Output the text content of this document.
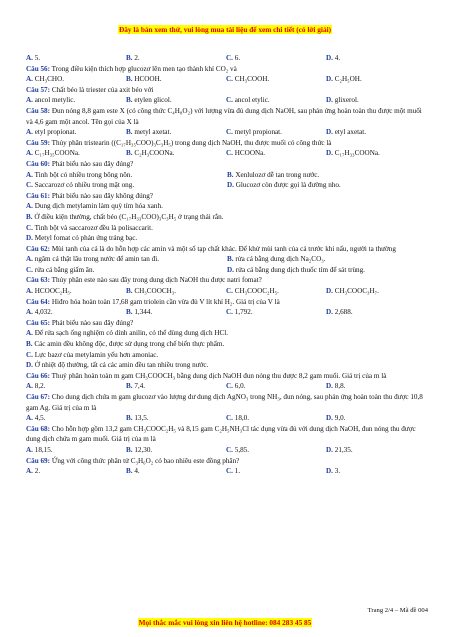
Đây là bản xem thử, vui lòng mua tài liệu để xem chi tiết (có lời giải)
A. 5.	B. 2.	C. 6.	D. 4.
Câu 56: Trong điều kiện thích hợp glucozơ lên men tạo thành khí CO₂ và
A. CH₃CHO.	B. HCOOH.	C. CH₃COOH.	D. C₂H₅OH.
Câu 57: Chất béo là triester của axit béo với
A. ancol metylic.	B. etylen glicol.	C. ancol etylic.	D. glixerol.
Câu 58: Đun nóng 8,8 gam este X (có công thức C₄H₈O₂) với lượng vừa đủ dung dịch NaOH, sau phản ứng hoàn toàn thu được một muối và 4,6 gam một ancol. Tên gọi của X là
A. etyl propionat.	B. metyl axetat.	C. metyl propionat.	D. etyl axetat.
Câu 59: Thủy phân tristearin ((C₁₇H₃₅COO)₃C₃H₅) trong dung dịch NaOH, thu được muối có công thức là
A. C₁₇H₃₅COONa.	B. C₂H₃COONa.	C. HCOONa.	D. C₁₇H₃₃COONa.
Câu 60: Phát biểu nào sau đây đúng?
A. Tinh bột có nhiều trong bông nõn.	B. Xenlulozơ dễ tan trong nước.
C. Saccarozơ có nhiều trong mật ong.	D. Glucozơ còn được gọi là đường nho.
Câu 61: Phát biểu nào sau đây không đúng?
A. Dung dịch metylamin làm quỳ tím hóa xanh.
B. Ở điều kiện thường, chất béo (C₁₇H₃₃COO)₃C₃H₅ ở trạng thái rắn.
C. Tinh bột và saccarozơ đều là polisaccarit.
D. Metyl fomat có phản ứng tráng bạc.
Câu 62: Mùi tanh của cá là do hỗn hợp các amin và một số tạp chất khác. Để khử mùi tanh của cá trước khi nấu, người ta thường
A. ngâm cá thật lâu trong nước để amin tan đi.	B. rửa cá bằng dung dịch Na₂CO₃.
C. rửa cá bằng giấm ăn.	D. rửa cá bằng dung dịch thuốc tím để sát trùng.
Câu 63: Thủy phân este nào sau đây trong dung dịch NaOH thu được natri fomat?
A. HCOOC₂H₅.	B. CH₃COOCH₃.	C. CH₃COOC₂H₅.	D. CH₃COOC₃H₇.
Câu 64: Hiđro hóa hoàn toàn 17,68 gam triolein cần vừa đủ V lít khí H₂. Giá trị của V là
A. 4,032.	B. 1,344.	C. 1,792.	D. 2,688.
Câu 65: Phát biểu nào sau đây đúng?
A. Để rửa sạch ống nghiệm có dính anilin, có thể dùng dung dịch HCl.
B. Các amin đều không độc, được sử dụng trong chế biến thực phẩm.
C. Lực bazơ của metylamin yếu hơn amoniac.
D. Ở nhiệt độ thường, tất cả các amin đều tan nhiều trong nước.
Câu 66: Thuỷ phân hoàn toàn m gam CH₃COOCH₃ bằng dung dịch NaOH đun nóng thu được 8,2 gam muối. Giá trị của m là
A. 8,2.	B. 7,4.	C. 6,0.	D. 8,8.
Câu 67: Cho dung dịch chứa m gam glucozơ vào lượng dư dung dịch AgNO₃ trong NH₃, đun nóng, sau phản ứng hoàn toàn thu được 10,8 gam Ag. Giá trị của m là
A. 4,5.	B. 13,5.	C. 18,0.	D. 9,0.
Câu 68: Cho hỗn hợp gồm 13,2 gam CH₃COOC₂H₅ và 8,15 gam C₂H₅NH₃Cl tác dụng vừa đủ với dung dịch NaOH, đun nóng thu được dung dịch chứa m gam muối. Giá trị của m là
A. 18,15.	B. 12,30.	C. 5,85.	D. 21,35.
Câu 69: Ứng với công thức phân tử C₃H₆O₂ có bao nhiêu este đồng phân?
A. 2.	B. 4.	C. 1.	D. 3.
Trang 2/4 – Mã đề 004
Mọi thắc mắc vui lòng xin liên hệ hotline: 084 283 45 85
